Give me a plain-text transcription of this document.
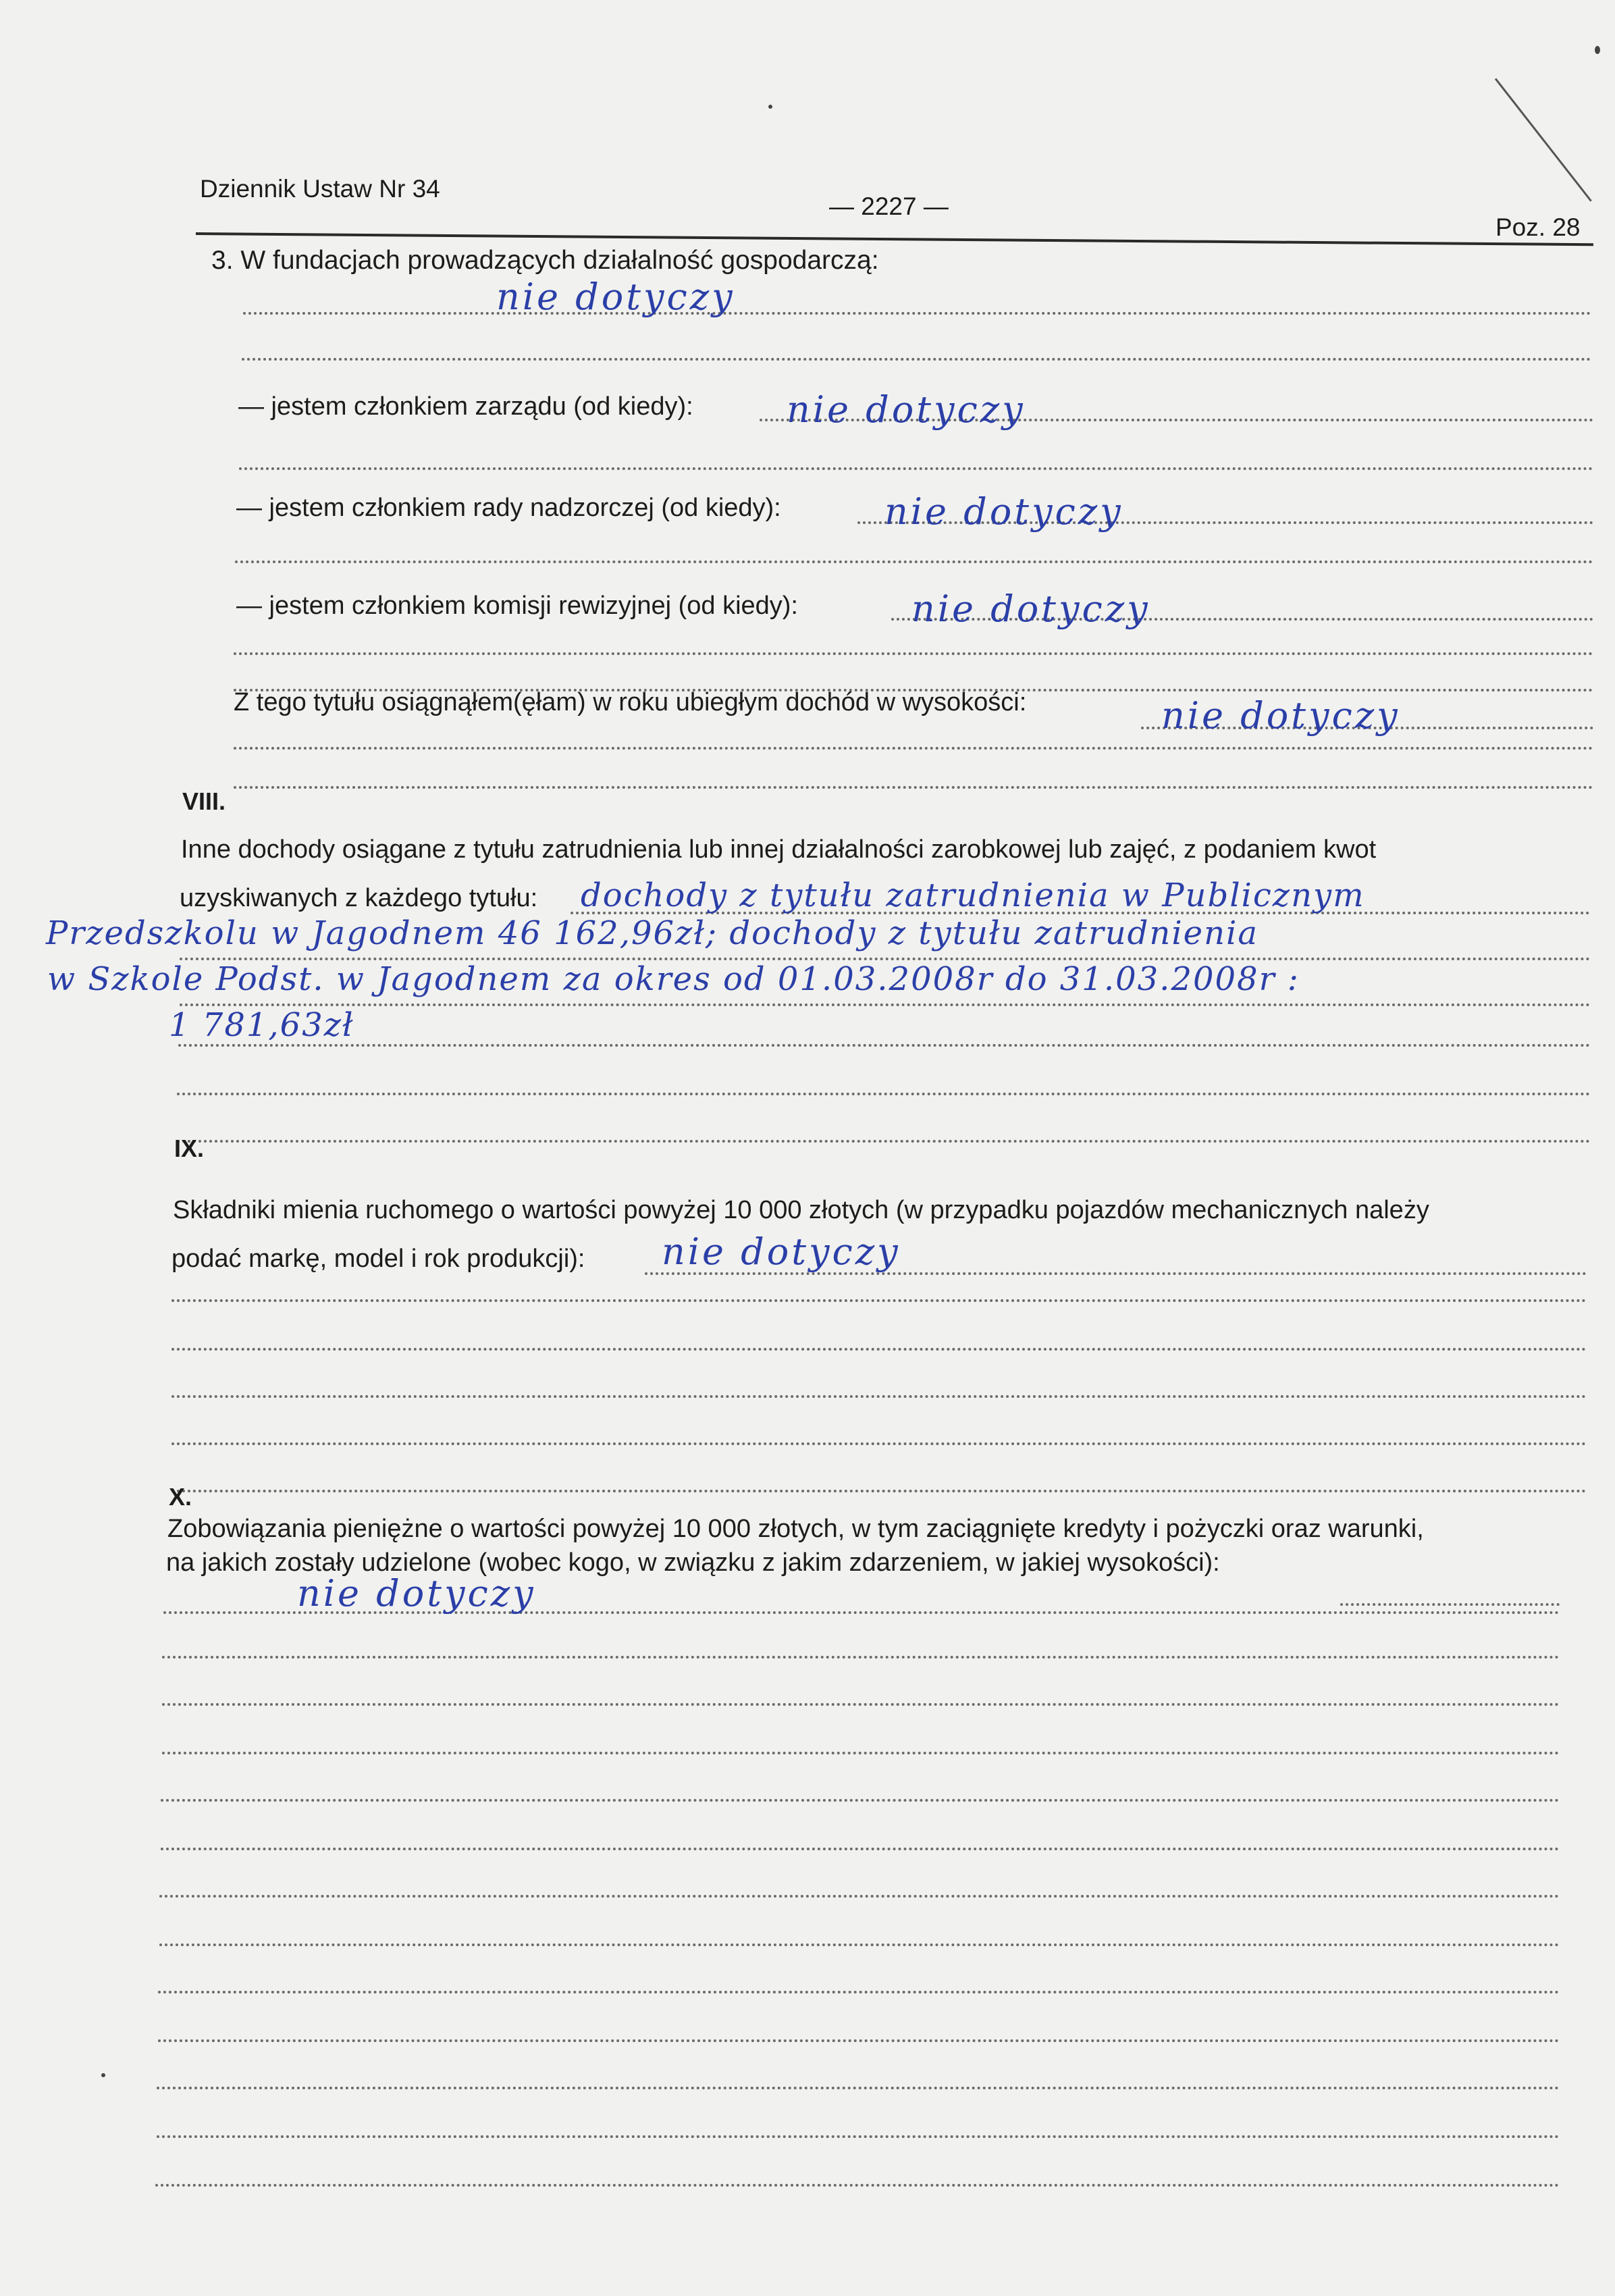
Dziennik Ustaw Nr 34
— 2227 —
Poz. 28
3. W fundacjach prowadzących działalność gospodarczą:
nie dotyczy
— jestem członkiem zarządu (od kiedy):	nie dotyczy
— jestem członkiem rady nadzorczej (od kiedy):	nie dotyczy
— jestem członkiem komisji rewizyjnej (od kiedy):	nie dotyczy
Z tego tytułu osiągnąłem(ęłam) w roku ubiegłym dochód w wysokości:	nie dotyczy
VIII.
Inne dochody osiągane z tytułu zatrudnienia lub innej działalności zarobkowej lub zajęć, z podaniem kwot
uzyskiwanych z każdego tytułu: dochody z tytułu zatrudnienia w Publicznym
Przedszkolu w Jagodnem 46 162,96zł; dochody z tytułu zatrudnienia
w Szkole Podst. w Jagodnem za okres od 01.03.2008r do 31.03.2008r :
1 781,63zł
IX.
Składniki mienia ruchomego o wartości powyżej 10 000 złotych (w przypadku pojazdów mechanicznych należy
podać markę, model i rok produkcji): nie dotyczy
X.
Zobowiązania pieniężne o wartości powyżej 10 000 złotych, w tym zaciągnięte kredyty i pożyczki oraz warunki,
na jakich zostały udzielone (wobec kogo, w związku z jakim zdarzeniem, w jakiej wysokości):
nie dotyczy
